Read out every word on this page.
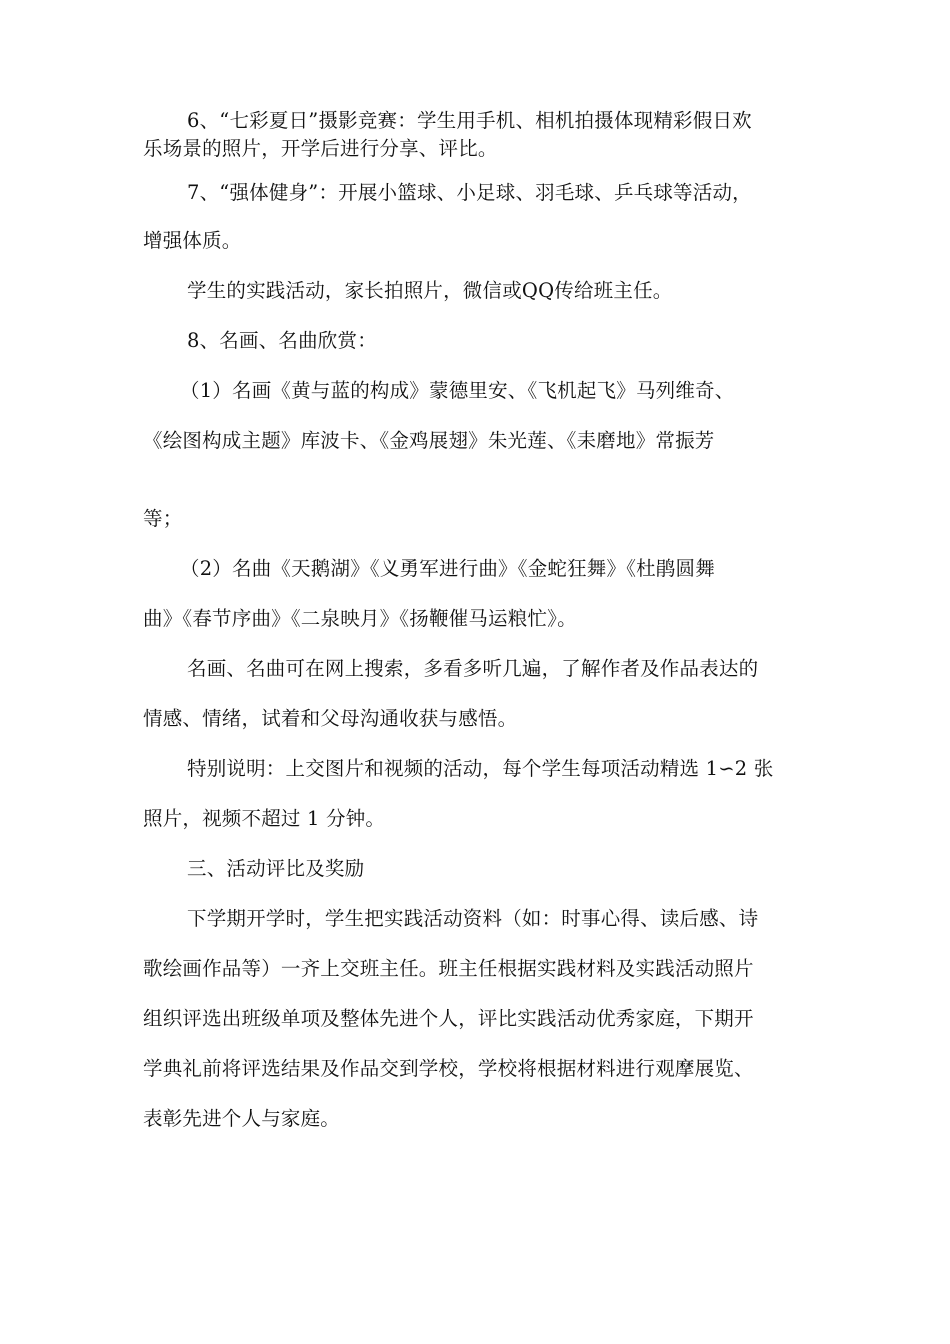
6、“七彩夏日”摄影竞赛：学生用手机、相机拍摄体现精彩假日欢
乐场景的照片，开学后进行分享、评比。
7、“强体健身”：开展小篮球、小足球、羽毛球、乒乓球等活动，
增强体质。
学生的实践活动，家长拍照片，微信或QQ传给班主任。
8、名画、名曲欣赏：
（1）名画《黄与蓝的构成》蒙德里安、《飞机起飞》马列维奇、
《绘图构成主题》库波卡、《金鸡展翅》朱光莲、《耒磨地》常振芳
等；
（2）名曲《天鹅湖》《义勇军进行曲》《金蛇狂舞》《杜鹃圆舞
曲》《春节序曲》《二泉映月》《扬鞭催马运粮忙》。
名画、名曲可在网上搜索，多看多听几遍，了解作者及作品表达的
情感、情绪，试着和父母沟通收获与感悟。
特别说明：上交图片和视频的活动，每个学生每项活动精选 1∽2 张
照片，视频不超过 1 分钟。
三、活动评比及奖励
下学期开学时，学生把实践活动资料（如：时事心得、读后感、诗
歌绘画作品等）一齐上交班主任。班主任根据实践材料及实践活动照片
组织评选出班级单项及整体先进个人，评比实践活动优秀家庭，下期开
学典礼前将评选结果及作品交到学校，学校将根据材料进行观摩展览、
表彰先进个人与家庭。
